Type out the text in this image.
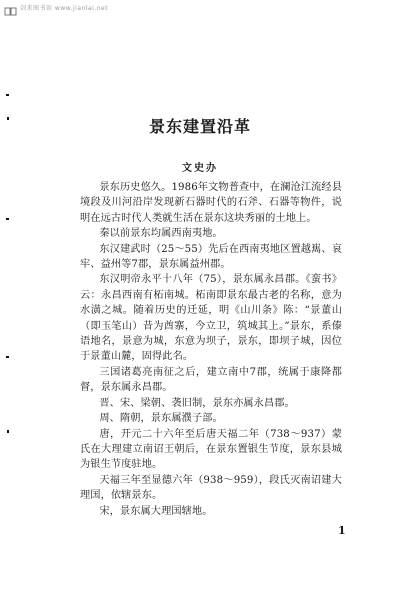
剑来图书馆 www.jianlai.net
景东建置沿革
文史办

景东历史悠久。1986年文物普查中，在澜沧江流经县境段及川河沿岸发现新石器时代的石斧、石器等物件，说明在远古时代人类就生活在景东这块秀丽的土地上。

秦以前景东均属西南夷地。

东汉建武时（25～55）先后在西南夷地区置越嶲、哀牢、益州等7郡，景东属益州郡。

东汉明帝永平十八年（75），景东属永昌郡。《蛮书》云：永昌西南有柘南城。柘南即景东最古老的名称，意为水潢之城。随着历史的迁延，明《山川条》陈：“景董山（即玉笔山）昔为酋寨，今立卫，筑城其上。”景东，系傣语地名，景意为城，东意为坝子，景东，即坝子城，因位于景董山麓，固得此名。

三国诸葛亮南征之后，建立南中7郡，统属于康降都督，景东属永昌郡。

晋、宋、梁朝、袭旧制，景东亦属永昌郡。

周、隋朝，景东属濮子部。

唐，开元二十六年至后唐天福二年（738～937）蒙氏在大理建立南诏王朝后，在景东置银生节度，景东县城为银生节度驻地。

天福三年至显德六年（938～959），段氏灭南诏建大理国，依辖景东。

宋，景东属大理国辖地。

1
